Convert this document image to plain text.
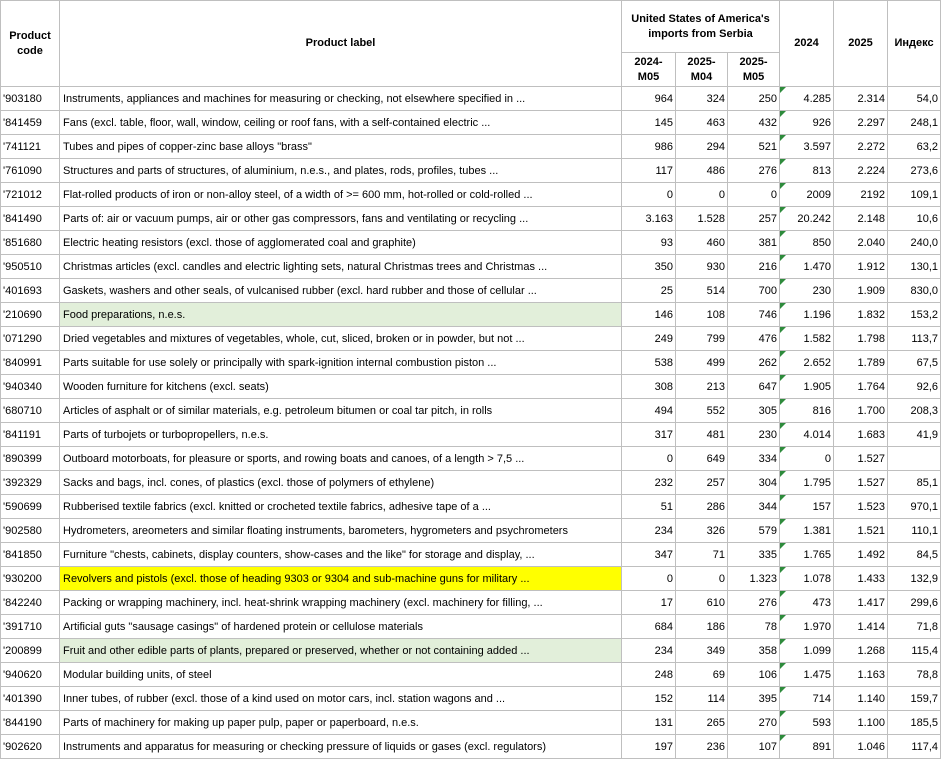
Product code	Product label	United States of America's imports from Serbia			2024	2025	Индекс
		2024-M05	2025-M04	2025-M05			
'903180	Instruments, appliances and machines for measuring or checking, not elsewhere specified in ...	964	324	250	4.285	2.314	54,0
'841459	Fans (excl. table, floor, wall, window, ceiling or roof fans, with a self-contained electric ...	145	463	432	926	2.297	248,1
'741121	Tubes and pipes of copper-zinc base alloys "brass"	986	294	521	3.597	2.272	63,2
'761090	Structures and parts of structures, of aluminium, n.e.s., and plates, rods, profiles, tubes ...	117	486	276	813	2.224	273,6
'721012	Flat-rolled products of iron or non-alloy steel, of a width of >= 600 mm, hot-rolled or cold-rolled ...	0	0	0	2009	2192	109,1
'841490	Parts of: air or vacuum pumps, air or other gas compressors, fans and ventilating or recycling ...	3.163	1.528	257	20.242	2.148	10,6
'851680	Electric heating resistors (excl. those of agglomerated coal and graphite)	93	460	381	850	2.040	240,0
'950510	Christmas articles (excl. candles and electric lighting sets, natural Christmas trees and Christmas ...	350	930	216	1.470	1.912	130,1
'401693	Gaskets, washers and other seals, of vulcanised rubber (excl. hard rubber and those of cellular ...	25	514	700	230	1.909	830,0
'210690	Food preparations, n.e.s.	146	108	746	1.196	1.832	153,2
'071290	Dried vegetables and mixtures of vegetables, whole, cut, sliced, broken or in powder, but not ...	249	799	476	1.582	1.798	113,7
'840991	Parts suitable for use solely or principally with spark-ignition internal combustion piston ...	538	499	262	2.652	1.789	67,5
'940340	Wooden furniture for kitchens (excl. seats)	308	213	647	1.905	1.764	92,6
'680710	Articles of asphalt or of similar materials, e.g. petroleum bitumen or coal tar pitch, in rolls	494	552	305	816	1.700	208,3
'841191	Parts of turbojets or turbopropellers, n.e.s.	317	481	230	4.014	1.683	41,9
'890399	Outboard motorboats, for pleasure or sports, and rowing boats and canoes, of a length > 7,5 ...	0	649	334	0	1.527	
'392329	Sacks and bags, incl. cones, of plastics (excl. those of polymers of ethylene)	232	257	304	1.795	1.527	85,1
'590699	Rubberised textile fabrics (excl. knitted or crocheted textile fabrics, adhesive tape of a ...	51	286	344	157	1.523	970,1
'902580	Hydrometers, areometers and similar floating instruments, barometers, hygrometers and psychrometers	234	326	579	1.381	1.521	110,1
'841850	Furniture "chests, cabinets, display counters, show-cases and the like" for storage and display, ...	347	71	335	1.765	1.492	84,5
'930200	Revolvers and pistols (excl. those of heading 9303 or 9304 and sub-machine guns for military ...	0	0	1.323	1.078	1.433	132,9
'842240	Packing or wrapping machinery, incl. heat-shrink wrapping machinery (excl. machinery for filling, ...	17	610	276	473	1.417	299,6
'391710	Artificial guts "sausage casings" of hardened protein or cellulose materials	684	186	78	1.970	1.414	71,8
'200899	Fruit and other edible parts of plants, prepared or preserved, whether or not containing added ...	234	349	358	1.099	1.268	115,4
'940620	Modular building units, of steel	248	69	106	1.475	1.163	78,8
'401390	Inner tubes, of rubber (excl. those of a kind used on motor cars, incl. station wagons and ...	152	114	395	714	1.140	159,7
'844190	Parts of machinery for making up paper pulp, paper or paperboard, n.e.s.	131	265	270	593	1.100	185,5
'902620	Instruments and apparatus for measuring or checking pressure of liquids or gases (excl. regulators)	197	236	107	891	1.046	117,4
